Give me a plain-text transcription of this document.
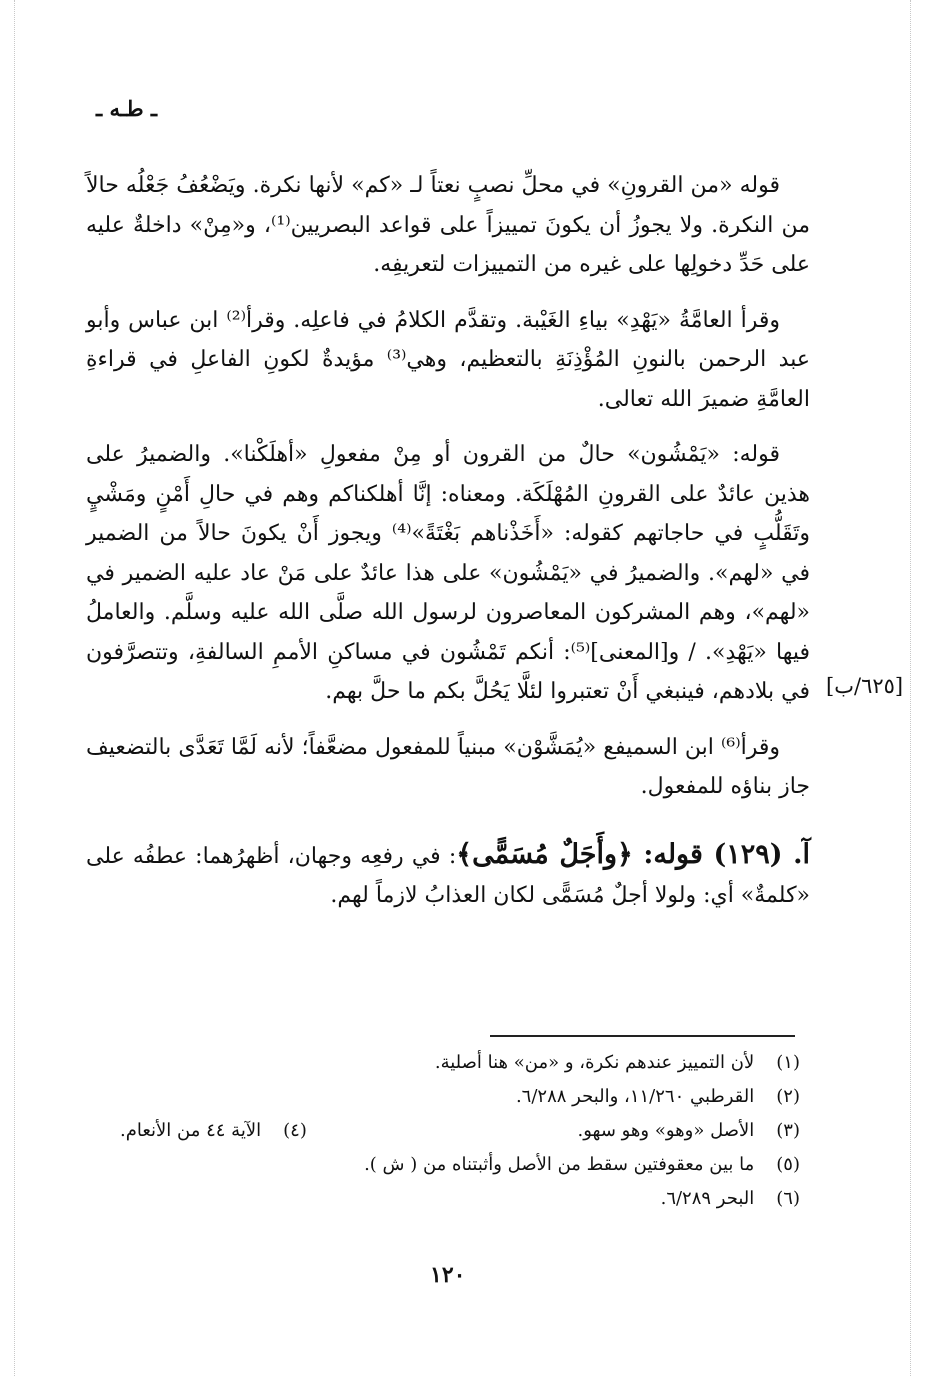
ـ طـه ـ
[٦٢٥/ب]

قوله «من القرونِ» في محلِّ نصبٍ نعتاً لـ «كم» لأنها نكرة. ويَضْعُفُ جَعْلُه حالاً من النكرة. ولا يجوزُ أن يكونَ تمييزاً على قواعد البصريين⁽¹⁾، و«مِنْ» داخلةٌ عليه على حَدِّ دخولِها على غيره من التمييزات لتعريفِه.

وقرأ العامَّةُ «يَهْدِ» بياءِ الغَيْبة. وتقدَّم الكلامُ في فاعلِه. وقرأ⁽²⁾ ابن عباس وأبو عبد الرحمن بالنونِ المُؤْذِنَةِ بالتعظيم، وهي⁽³⁾ مؤيدةٌ لكونِ الفاعلِ في قراءةِ العامَّةِ ضميرَ الله تعالى.

قوله: «يَمْشُون» حالٌ من القرون أو مِنْ مفعولِ «أهلَكْنا». والضميرُ على هذين عائدٌ على القرونِ المُهْلَكَة. ومعناه: إنَّا أهلكناكم وهم في حالِ أَمْنٍ ومَشْيٍ وتَقَلُّبٍ في حاجاتهم كقوله: «أَخَذْناهم بَغْتَةً»⁽⁴⁾ ويجوز أَنْ يكونَ حالاً من الضمير في «لهم». والضميرُ في «يَمْشُون» على هذا عائدٌ على مَنْ عاد عليه الضمير في «لهم»، وهم المشركون المعاصرون لرسول الله صلَّى الله عليه وسلَّم. والعاملُ فيها «يَهْدِ». / و[المعنى]⁽⁵⁾: أنكم تَمْشُون في مساكنِ الأممِ السالفةِ، وتتصرَّفون في بلادهم، فينبغي أَنْ تعتبروا لئلَّا يَحُلَّ بكم ما حلَّ بهم.

وقرأ⁽⁶⁾ ابن السميفع «يُمَشَّوْن» مبنياً للمفعول مضعَّفاً؛ لأنه لَمَّا تَعَدَّى بالتضعيف جاز بناؤه للمفعول.

آ. (١٢٩) قوله: ﴿وأَجَلٌ مُسَمًّى﴾: في رفعِه وجهان، أظهرُهما: عطفُه على «كلمةٌ» أي: ولولا أجلٌ مُسَمًّى لكان العذابُ لازماً لهم.

(١) لأن التمييز عندهم نكرة، و «من» هنا أصلية.
(٢) القرطبي ١١/٢٦٠، والبحر ٦/٢٨٨.
(٣) الأصل «وهو» وهو سهو.
(٤) الآية ٤٤ من الأنعام.
(٥) ما بين معقوفتين سقط من الأصل وأثبتناه من ( ش ).
(٦) البحر ٦/٢٨٩.
١٢٠
